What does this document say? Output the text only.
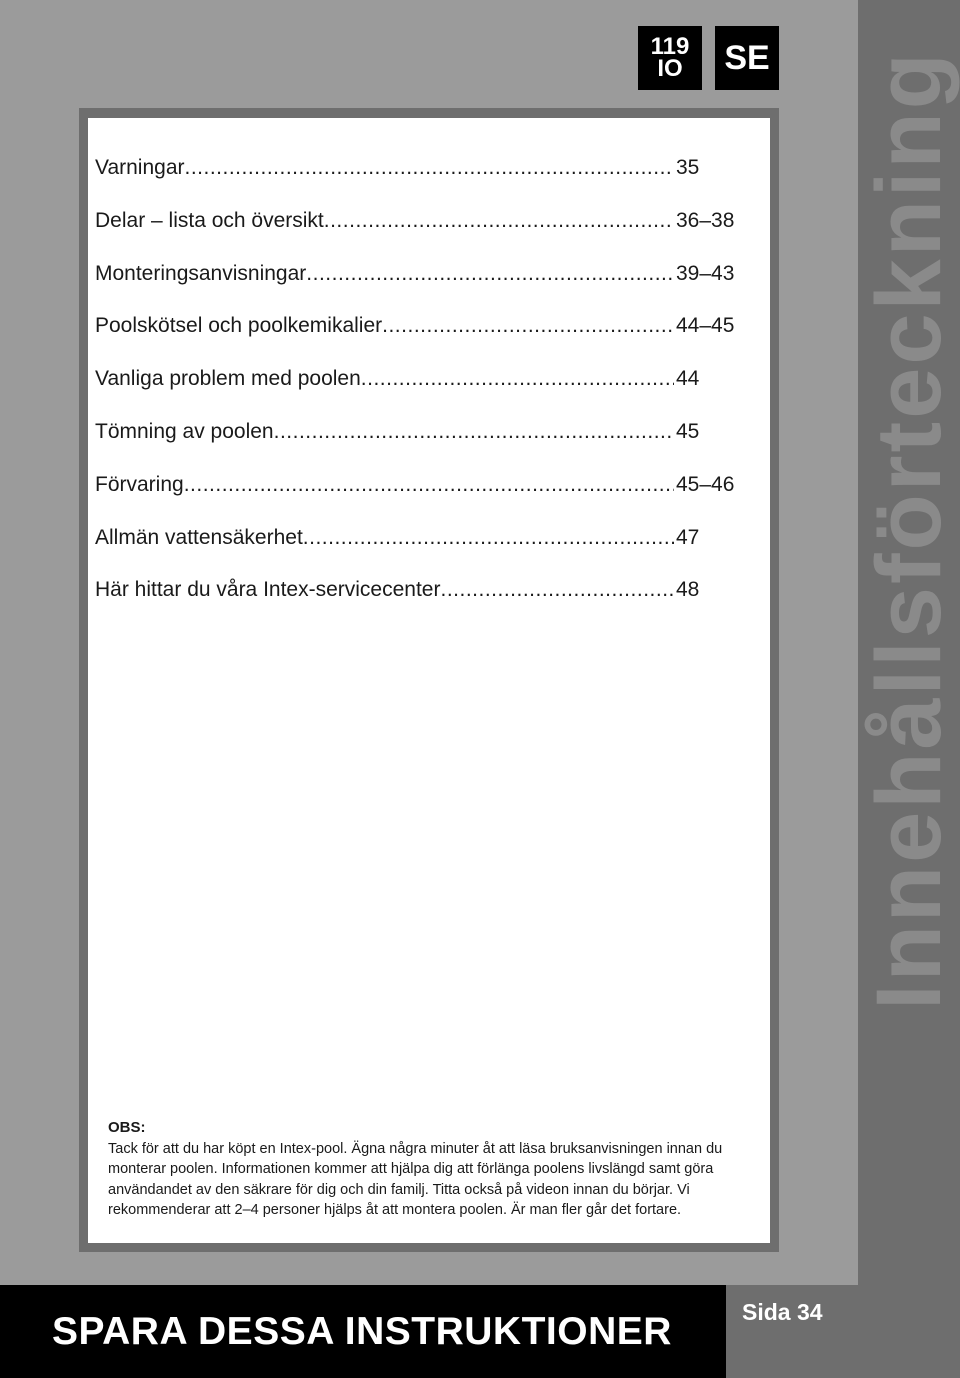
Innehållsförteckning
119
IO SE
Varningar .....	35
Delar – lista och översikt .....	36–38
Monteringsanvisningar .....	39–43
Poolskötsel och poolkemikalier .....	44–45
Vanliga problem med poolen .....	44
Tömning av poolen .....	45
Förvaring .....	45–46
Allmän vattensäkerhet .....	47
Här hittar du våra Intex-servicecenter .....	48
OBS:
Tack för att du har köpt en Intex-pool. Ägna några minuter åt att läsa bruksanvisningen innan du monterar poolen. Informationen kommer att hjälpa dig att förlänga poolens livslängd samt göra användandet av den säkrare för dig och din familj. Titta också på videon innan du börjar. Vi rekommenderar att 2–4 personer hjälps åt att montera poolen. Är man fler går det fortare.
SPARA DESSA INSTRUKTIONER	Sida 34
